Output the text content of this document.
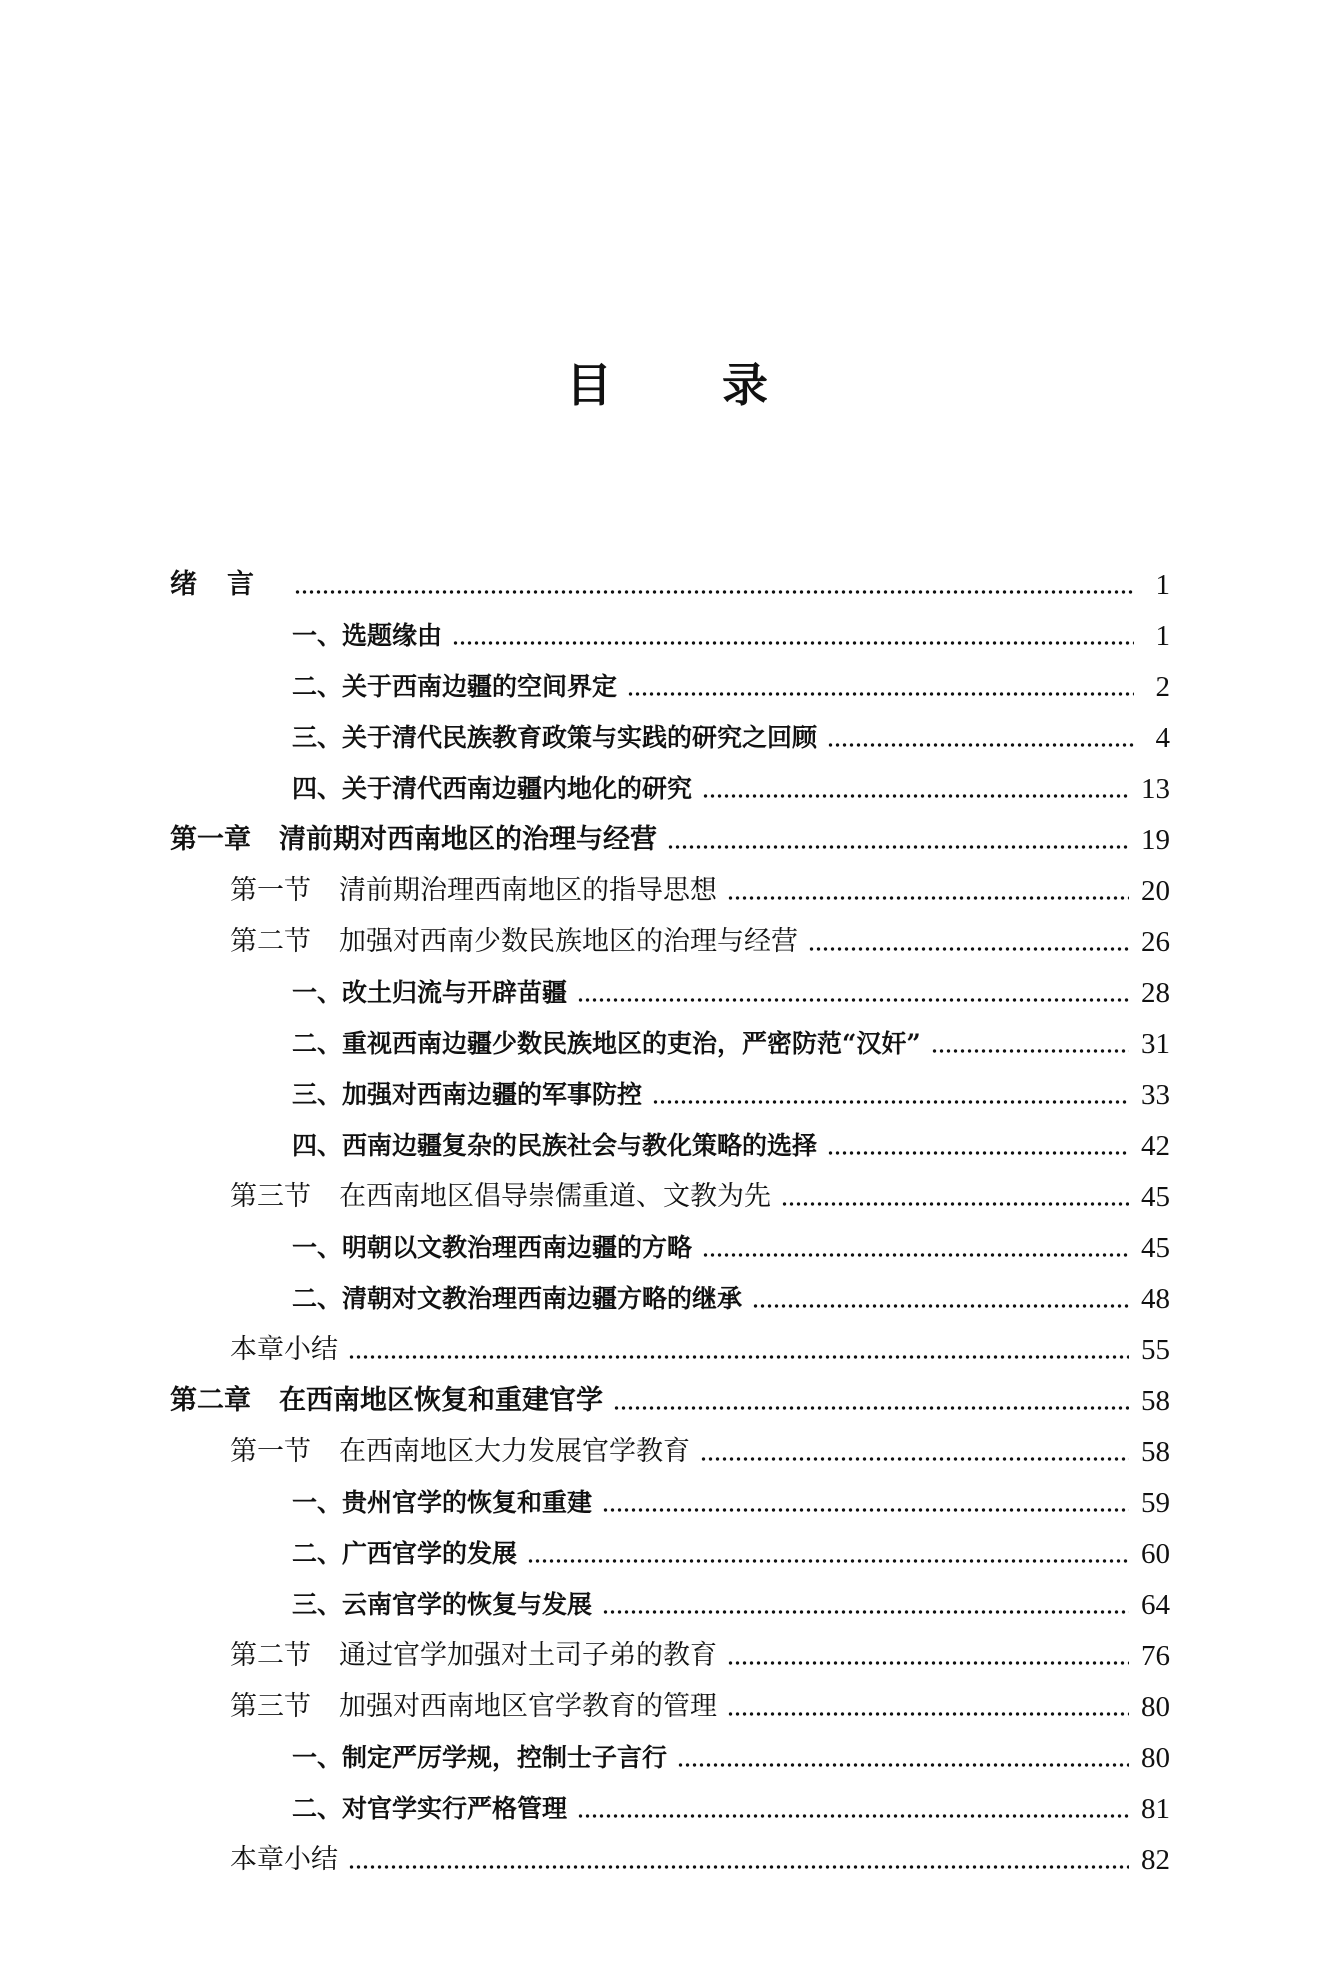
目录
绪言	1
一、选题缘由	1
二、关于西南边疆的空间界定	2
三、关于清代民族教育政策与实践的研究之回顾	4
四、关于清代西南边疆内地化的研究	13
第一章 清前期对西南地区的治理与经营	19
第一节 清前期治理西南地区的指导思想	20
第二节 加强对西南少数民族地区的治理与经营	26
一、改土归流与开辟苗疆	28
二、重视西南边疆少数民族地区的吏治，严密防范“汉奸”	31
三、加强对西南边疆的军事防控	33
四、西南边疆复杂的民族社会与教化策略的选择	42
第三节 在西南地区倡导崇儒重道、文教为先	45
一、明朝以文教治理西南边疆的方略	45
二、清朝对文教治理西南边疆方略的继承	48
本章小结	55
第二章 在西南地区恢复和重建官学	58
第一节 在西南地区大力发展官学教育	58
一、贵州官学的恢复和重建	59
二、广西官学的发展	60
三、云南官学的恢复与发展	64
第二节 通过官学加强对土司子弟的教育	76
第三节 加强对西南地区官学教育的管理	80
一、制定严厉学规，控制士子言行	80
二、对官学实行严格管理	81
本章小结	82
